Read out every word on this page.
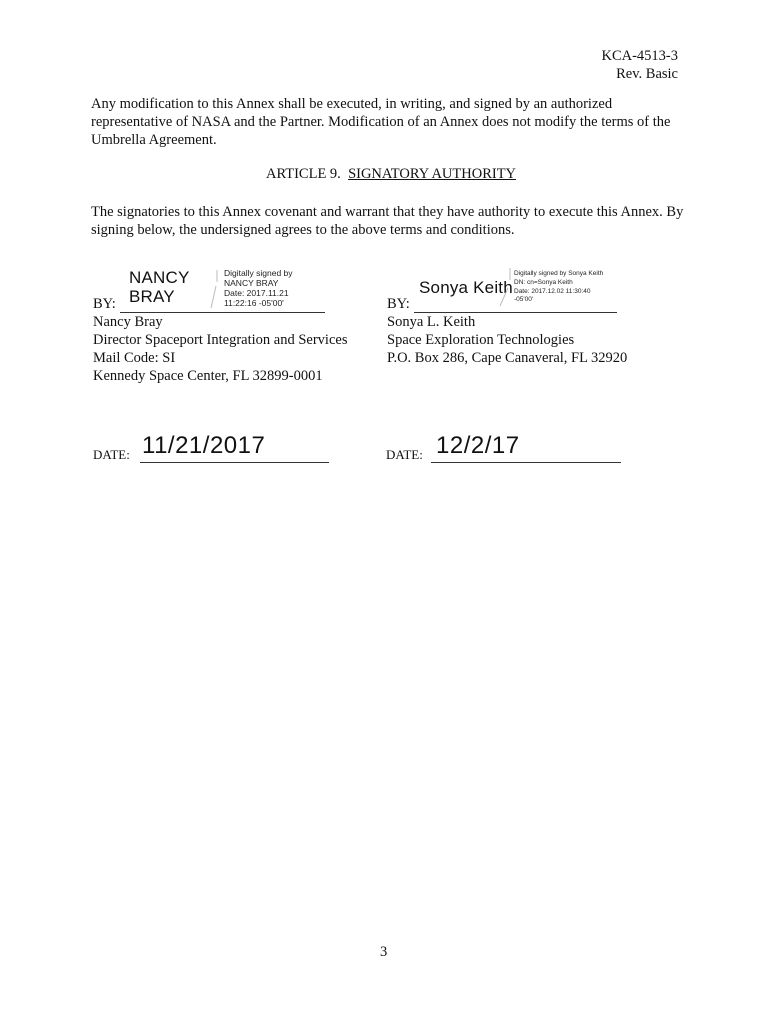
KCA-4513-3
Rev. Basic
Any modification to this Annex shall be executed, in writing, and signed by an authorized representative of NASA and the Partner. Modification of an Annex does not modify the terms of the Umbrella Agreement.
ARTICLE 9. SIGNATORY AUTHORITY
The signatories to this Annex covenant and warrant that they have authority to execute this Annex. By signing below, the undersigned agrees to the above terms and conditions.
NANCY
BRAY
Digitally signed by
NANCY BRAY
Date: 2017.11.21
11:22:16 -05'00'
BY:
Nancy Bray
Director Spaceport Integration and Services
Mail Code: SI
Kennedy Space Center, FL 32899-0001
Sonya Keith
Digitally signed by Sonya Keith
DN: cn=Sonya Keith
Date: 2017.12.02 11:30:40
-05'00'
BY:
Sonya L. Keith
Space Exploration Technologies
P.O. Box 286, Cape Canaveral, FL 32920
DATE: 11/21/2017	DATE: 12/2/17
3
